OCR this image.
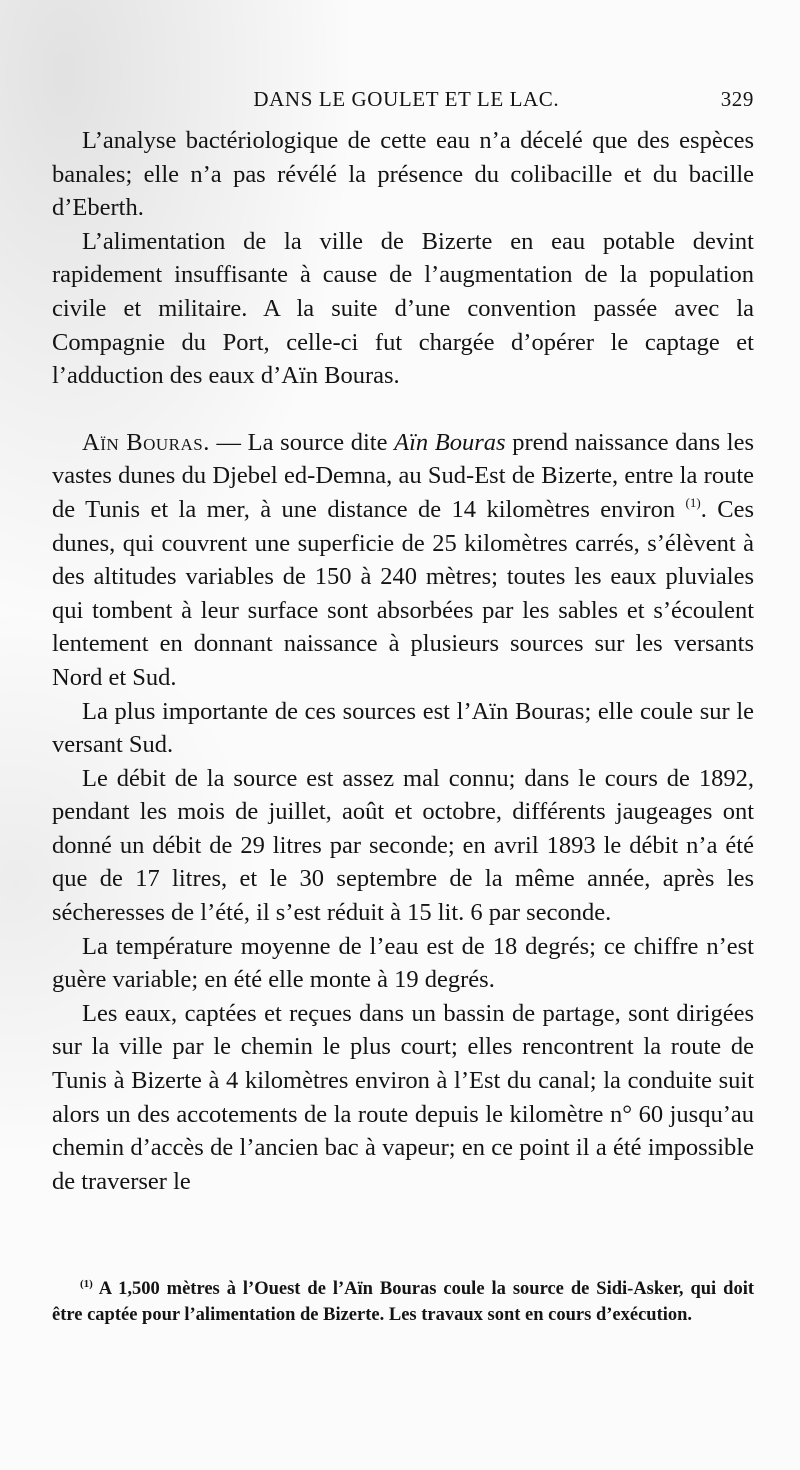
DANS LE GOULET ET LE LAC.	329

L’analyse bactériologique de cette eau n’a décelé que des espèces banales; elle n’a pas révélé la présence du colibacille et du bacille d’Eberth.

L’alimentation de la ville de Bizerte en eau potable devint rapidement insuffisante à cause de l’augmentation de la population civile et militaire. A la suite d’une convention passée avec la Compagnie du Port, celle-ci fut chargée d’opérer le captage et l’adduction des eaux d’Aïn Bouras.

Aïn Bouras. — La source dite Aïn Bouras prend naissance dans les vastes dunes du Djebel ed-Demna, au Sud-Est de Bizerte, entre la route de Tunis et la mer, à une distance de 14 kilomètres environ $^{(1)}$. Ces dunes, qui couvrent une superficie de 25 kilomètres carrés, s’élèvent à des altitudes variables de 150 à 240 mètres; toutes les eaux pluviales qui tombent à leur surface sont absorbées par les sables et s’écoulent lentement en donnant naissance à plusieurs sources sur les versants Nord et Sud.

La plus importante de ces sources est l’Aïn Bouras; elle coule sur le versant Sud.

Le débit de la source est assez mal connu; dans le cours de 1892, pendant les mois de juillet, août et octobre, différents jaugeages ont donné un débit de 29 litres par seconde; en avril 1893 le débit n’a été que de 17 litres, et le 30 septembre de la même année, après les sécheresses de l’été, il s’est réduit à 15 lit. 6 par seconde.

La température moyenne de l’eau est de 18 degrés; ce chiffre n’est guère variable; en été elle monte à 19 degrés.

Les eaux, captées et reçues dans un bassin de partage, sont dirigées sur la ville par le chemin le plus court; elles rencontrent la route de Tunis à Bizerte à 4 kilomètres environ à l’Est du canal; la conduite suit alors un des accotements de la route depuis le kilomètre n° 60 jusqu’au chemin d’accès de l’ancien bac à vapeur; en ce point il a été impossible de traverser le

$^{(1)}$ A 1,500 mètres à l’Ouest de l’Aïn Bouras coule la source de Sidi-Asker, qui doit être captée pour l’alimentation de Bizerte. Les travaux sont en cours d’exécution.
